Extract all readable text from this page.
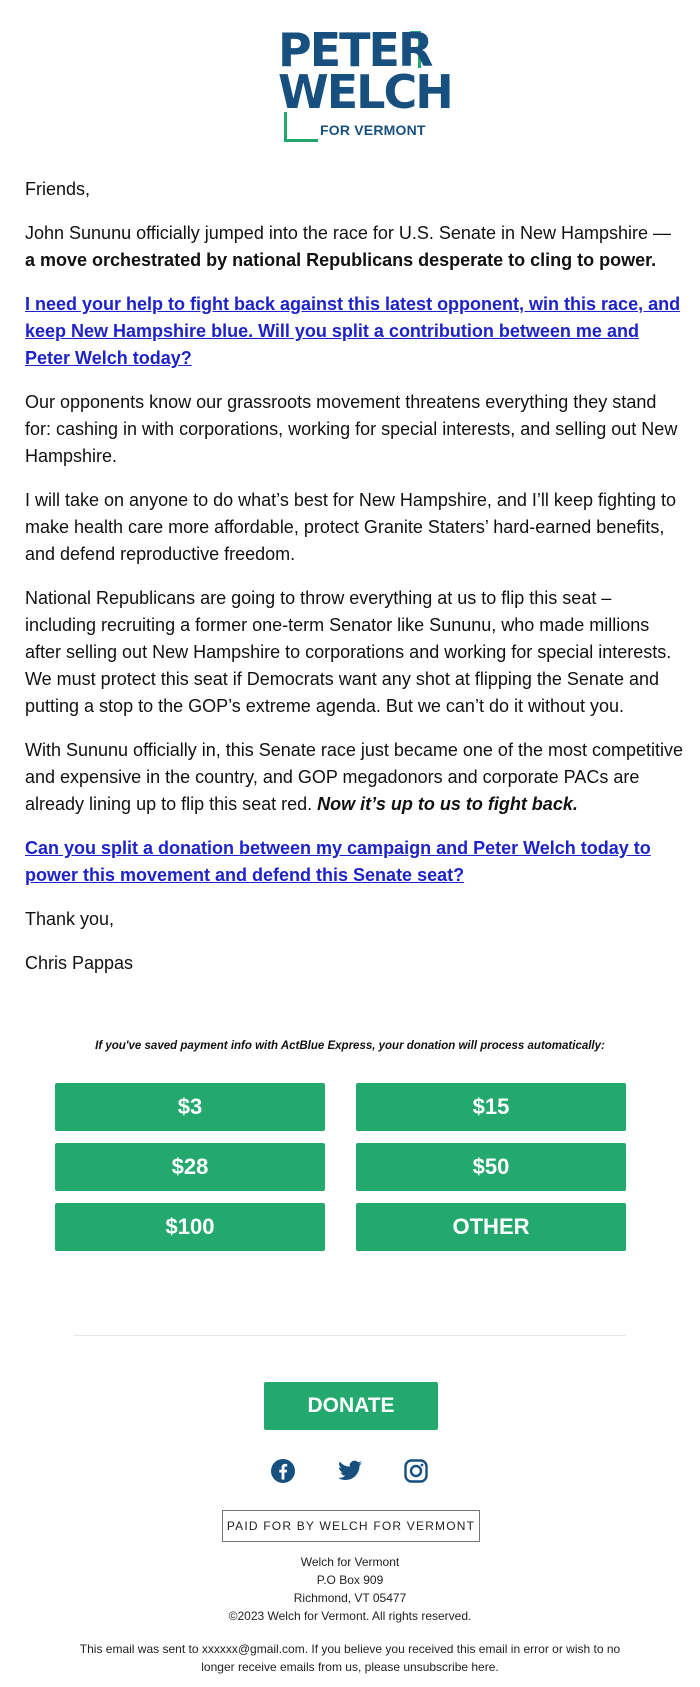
PETER
WELCH
FOR VERMONT

Friends,

John Sununu officially jumped into the race for U.S. Senate in New Hampshire — a move orchestrated by national Republicans desperate to cling to power.

I need your help to fight back against this latest opponent, win this race, and keep New Hampshire blue. Will you split a contribution between me and Peter Welch today?

Our opponents know our grassroots movement threatens everything they stand for: cashing in with corporations, working for special interests, and selling out New Hampshire.

I will take on anyone to do what’s best for New Hampshire, and I’ll keep fighting to make health care more affordable, protect Granite Staters’ hard-earned benefits, and defend reproductive freedom.

National Republicans are going to throw everything at us to flip this seat – including recruiting a former one-term Senator like Sununu, who made millions after selling out New Hampshire to corporations and working for special interests. We must protect this seat if Democrats want any shot at flipping the Senate and putting a stop to the GOP’s extreme agenda. But we can’t do it without you.

With Sununu officially in, this Senate race just became one of the most competitive and expensive in the country, and GOP megadonors and corporate PACs are already lining up to flip this seat red. Now it’s up to us to fight back.

Can you split a donation between my campaign and Peter Welch today to power this movement and defend this Senate seat?

Thank you,

Chris Pappas

If you've saved payment info with ActBlue Express, your donation will process automatically:
$3	$15
$28	$50
$100	OTHER
DONATE
PAID FOR BY WELCH FOR VERMONT
Welch for Vermont
P.O Box 909
Richmond, VT 05477
©2023 Welch for Vermont. All rights reserved.
This email was sent to xxxxxx@gmail.com. If you believe you received this email in error or wish to no longer receive emails from us, please unsubscribe here.
